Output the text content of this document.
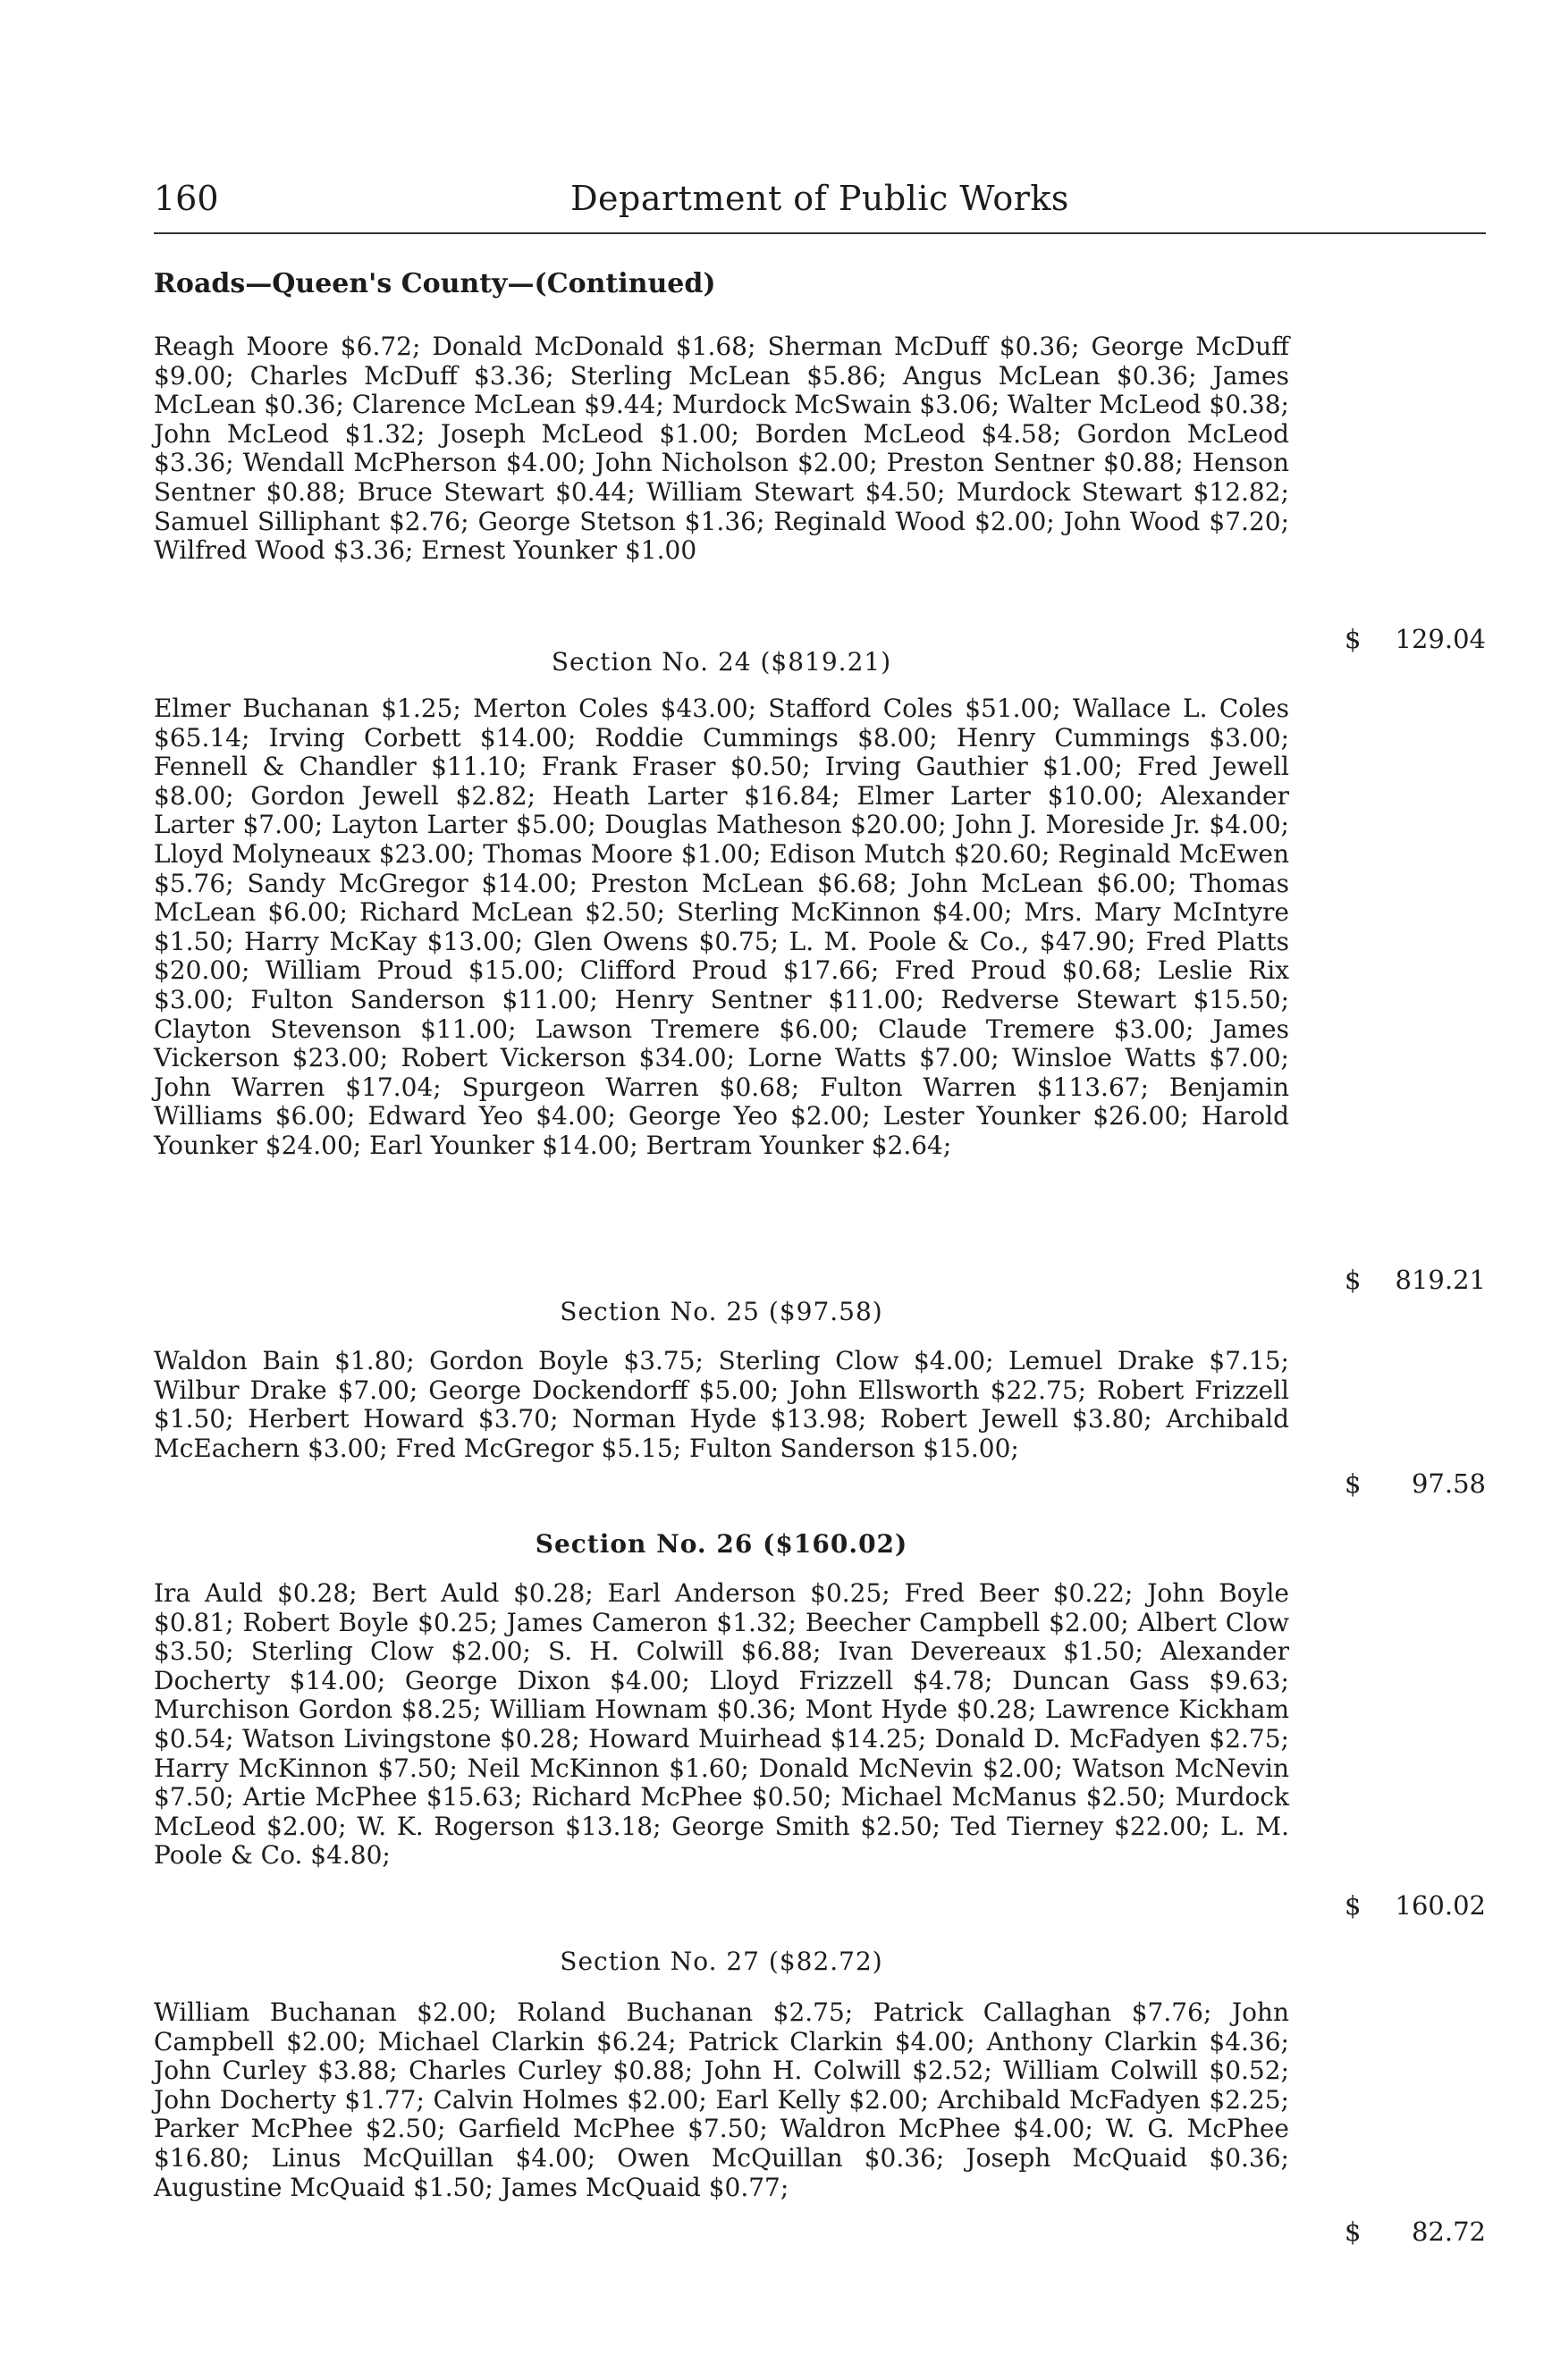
160	Department of Public Works
Roads—Queen's County—(Continued)

Reagh Moore $6.72; Donald McDonald $1.68; Sherman McDuff $0.36; George McDuff $9.00; Charles McDuff $3.36; Sterling McLean $5.86; Angus McLean $0.36; James McLean $0.36; Clarence McLean $9.44; Murdock McSwain $3.06; Walter McLeod $0.38; John McLeod $1.32; Joseph McLeod $1.00; Borden McLeod $4.58; Gordon McLeod $3.36; Wendall McPherson $4.00; John Nicholson $2.00; Preston Sentner $0.88; Henson Sentner $0.88; Bruce Stewart $0.44; William Stewart $4.50; Murdock Stewart $12.82; Samuel Silliphant $2.76; George Stetson $1.36; Reginald Wood $2.00; John Wood $7.20; Wilfred Wood $3.36; Ernest Younker $1.00

$ 129.04
Section No. 24 ($819.21)

Elmer Buchanan $1.25; Merton Coles $43.00; Stafford Coles $51.00; Wallace L. Coles $65.14; Irving Corbett $14.00; Roddie Cummings $8.00; Henry Cummings $3.00; Fennell & Chandler $11.10; Frank Fraser $0.50; Irving Gauthier $1.00; Fred Jewell $8.00; Gordon Jewell $2.82; Heath Larter $16.84; Elmer Larter $10.00; Alexander Larter $7.00; Layton Larter $5.00; Douglas Matheson $20.00; John J. Moreside Jr. $4.00; Lloyd Molyneaux $23.00; Thomas Moore $1.00; Edison Mutch $20.60; Reginald McEwen $5.76; Sandy McGregor $14.00; Preston McLean $6.68; John McLean $6.00; Thomas McLean $6.00; Richard McLean $2.50; Sterling McKinnon $4.00; Mrs. Mary McIntyre $1.50; Harry McKay $13.00; Glen Owens $0.75; L. M. Poole & Co., $47.90; Fred Platts $20.00; William Proud $15.00; Clifford Proud $17.66; Fred Proud $0.68; Leslie Rix $3.00; Fulton Sanderson $11.00; Henry Sentner $11.00; Redverse Stewart $15.50; Clayton Stevenson $11.00; Lawson Tremere $6.00; Claude Tremere $3.00; James Vickerson $23.00; Robert Vickerson $34.00; Lorne Watts $7.00; Winsloe Watts $7.00; John Warren $17.04; Spurgeon Warren $0.68; Fulton Warren $113.67; Benjamin Williams $6.00; Edward Yeo $4.00; George Yeo $2.00; Lester Younker $26.00; Harold Younker $24.00; Earl Younker $14.00; Bertram Younker $2.64;

$ 819.21
Section No. 25 ($97.58)

Waldon Bain $1.80; Gordon Boyle $3.75; Sterling Clow $4.00; Lemuel Drake $7.15; Wilbur Drake $7.00; George Dockendorff $5.00; John Ellsworth $22.75; Robert Frizzell $1.50; Herbert Howard $3.70; Norman Hyde $13.98; Robert Jewell $3.80; Archibald McEachern $3.00; Fred McGregor $5.15; Fulton Sanderson $15.00;

$ 97.58
Section No. 26 ($160.02)

Ira Auld $0.28; Bert Auld $0.28; Earl Anderson $0.25; Fred Beer $0.22; John Boyle $0.81; Robert Boyle $0.25; James Cameron $1.32; Beecher Campbell $2.00; Albert Clow $3.50; Sterling Clow $2.00; S. H. Colwill $6.88; Ivan Devereaux $1.50; Alexander Docherty $14.00; George Dixon $4.00; Lloyd Frizzell $4.78; Duncan Gass $9.63; Murchison Gordon $8.25; William Hownam $0.36; Mont Hyde $0.28; Lawrence Kickham $0.54; Watson Livingstone $0.28; Howard Muirhead $14.25; Donald D. McFadyen $2.75; Harry McKinnon $7.50; Neil McKinnon $1.60; Donald McNevin $2.00; Watson McNevin $7.50; Artie McPhee $15.63; Richard McPhee $0.50; Michael McManus $2.50; Murdock McLeod $2.00; W. K. Rogerson $13.18; George Smith $2.50; Ted Tierney $22.00; L. M. Poole & Co. $4.80;

$ 160.02
Section No. 27 ($82.72)

William Buchanan $2.00; Roland Buchanan $2.75; Patrick Callaghan $7.76; John Campbell $2.00; Michael Clarkin $6.24; Patrick Clarkin $4.00; Anthony Clarkin $4.36; John Curley $3.88; Charles Curley $0.88; John H. Colwill $2.52; William Colwill $0.52; John Docherty $1.77; Calvin Holmes $2.00; Earl Kelly $2.00; Archibald McFadyen $2.25; Parker McPhee $2.50; Garfield McPhee $7.50; Waldron McPhee $4.00; W. G. McPhee $16.80; Linus McQuillan $4.00; Owen McQuillan $0.36; Joseph McQuaid $0.36; Augustine McQuaid $1.50; James McQuaid $0.77;

$ 82.72
